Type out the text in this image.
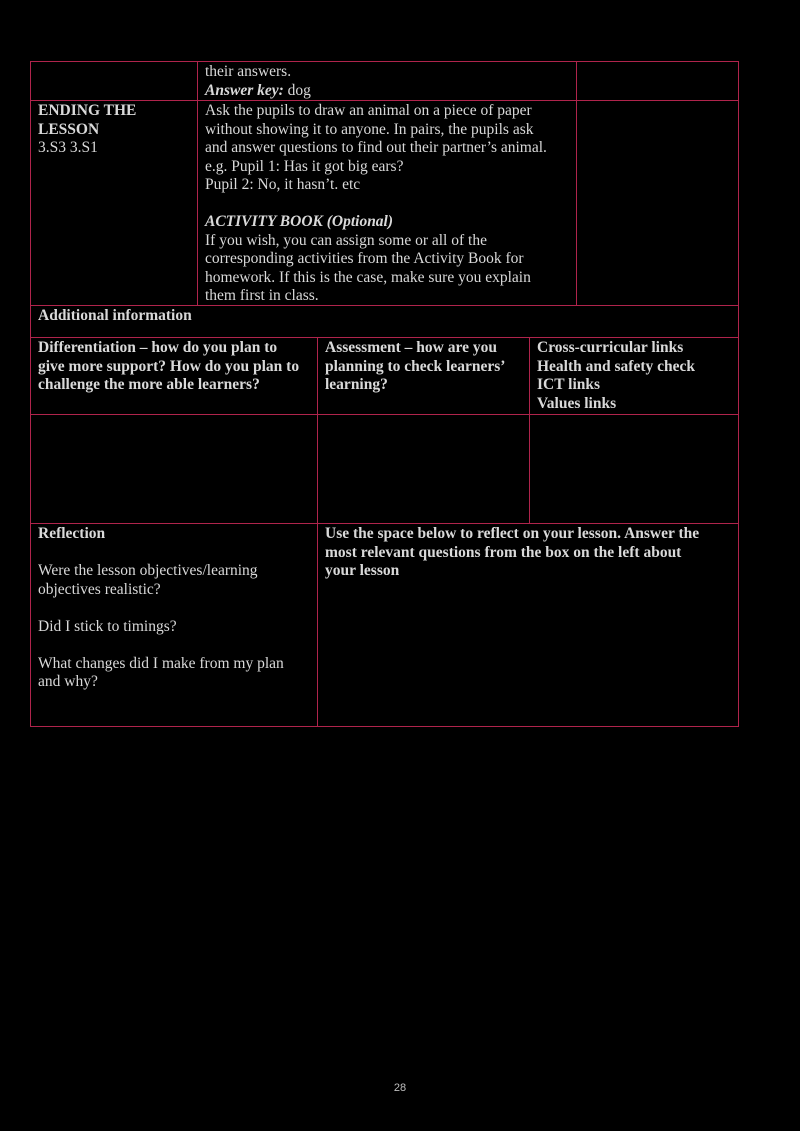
their answers.
Answer key: dog
ENDING THE
LESSON
3.S3 3.S1
Ask the pupils to draw an animal on a piece of paper
without showing it to anyone. In pairs, the pupils ask
and answer questions to find out their partner’s animal.
e.g. Pupil 1: Has it got big ears?
Pupil 2: No, it hasn’t. etc
ACTIVITY BOOK (Optional)
If you wish, you can assign some or all of the
corresponding activities from the Activity Book for
homework. If this is the case, make sure you explain
them first in class.
Additional information
Differentiation – how do you plan to
give more support? How do you plan to
challenge the more able learners?
Assessment – how are you
planning to check learners’
learning?
Cross-curricular links
Health and safety check
ICT links
Values links
Reflection
Were the lesson objectives/learning
objectives realistic?
Did I stick to timings?
What changes did I make from my plan
and why?
Use the space below to reflect on your lesson. Answer the
most relevant questions from the box on the left about
your lesson
28
